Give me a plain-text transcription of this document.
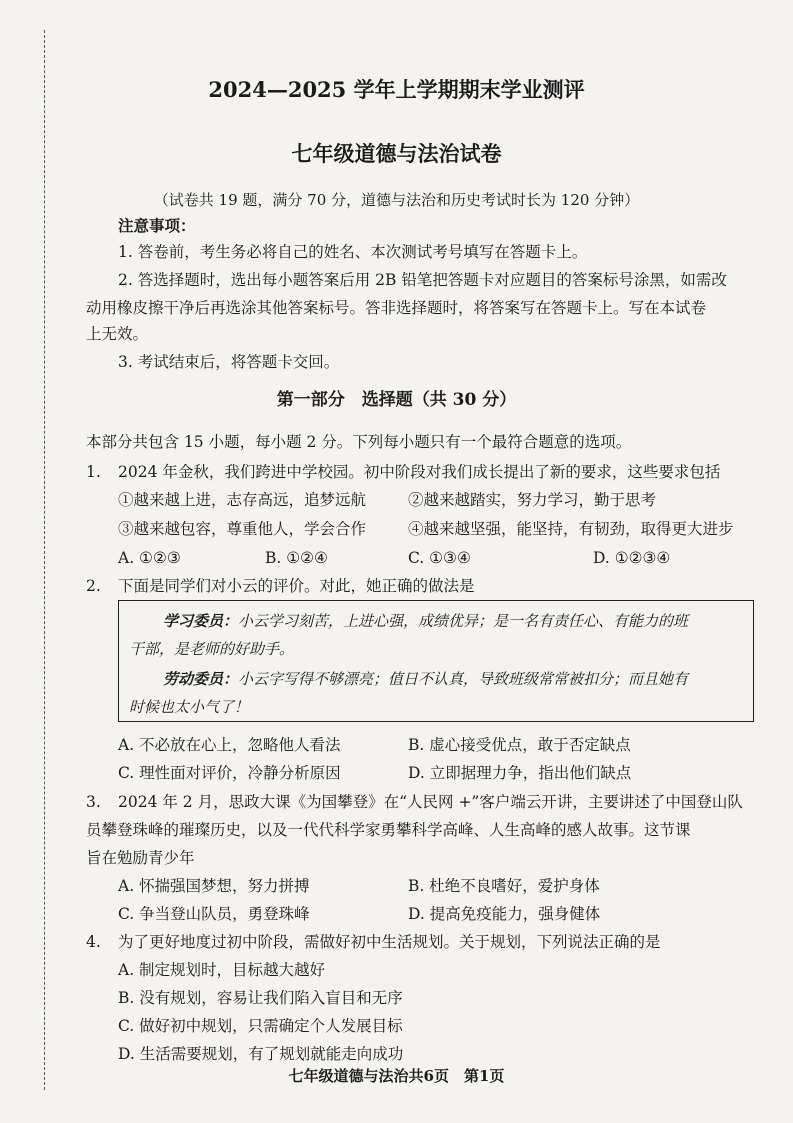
2024—2025 学年上学期期末学业测评
七年级道德与法治试卷
（试卷共 19 题，满分 70 分，道德与法治和历史考试时长为 120 分钟）
注意事项：
1. 答卷前，考生务必将自己的姓名、本次测试考号填写在答题卡上。
2. 答选择题时，选出每小题答案后用 2B 铅笔把答题卡对应题目的答案标号涂黑，如需改
动用橡皮擦干净后再选涂其他答案标号。答非选择题时，将答案写在答题卡上。写在本试卷
上无效。
3. 考试结束后，将答题卡交回。
第一部分　选择题（共 30 分）
本部分共包含 15 小题，每小题 2 分。下列每小题只有一个最符合题意的选项。
1. 2024 年金秋，我们跨进中学校园。初中阶段对我们成长提出了新的要求，这些要求包括
①越来越上进，志存高远，追梦远航	②越来越踏实，努力学习，勤于思考
③越来越包容，尊重他人，学会合作	④越来越坚强，能坚持，有韧劲，取得更大进步
A. ①②③	B. ①②④	C. ①③④	D. ①②③④
2. 下面是同学们对小云的评价。对此，她正确的做法是
学习委员：小云学习刻苦，上进心强，成绩优异；是一名有责任心、有能力的班
干部，是老师的好助手。
劳动委员：小云字写得不够漂亮；值日不认真，导致班级常常被扣分；而且她有
时候也太小气了！
A. 不必放在心上，忽略他人看法	B. 虚心接受优点，敢于否定缺点
C. 理性面对评价，冷静分析原因	D. 立即据理力争，指出他们缺点
3. 2024 年 2 月，思政大课《为国攀登》在“人民网 +”客户端云开讲，主要讲述了中国登山队
员攀登珠峰的璀璨历史，以及一代代科学家勇攀科学高峰、人生高峰的感人故事。这节课
旨在勉励青少年
A. 怀揣强国梦想，努力拼搏	B. 杜绝不良嗜好，爱护身体
C. 争当登山队员，勇登珠峰	D. 提高免疫能力，强身健体
4. 为了更好地度过初中阶段，需做好初中生活规划。关于规划，下列说法正确的是
A. 制定规划时，目标越大越好
B. 没有规划，容易让我们陷入盲目和无序
C. 做好初中规划，只需确定个人发展目标
D. 生活需要规划，有了规划就能走向成功
七年级道德与法治共6页　第1页
